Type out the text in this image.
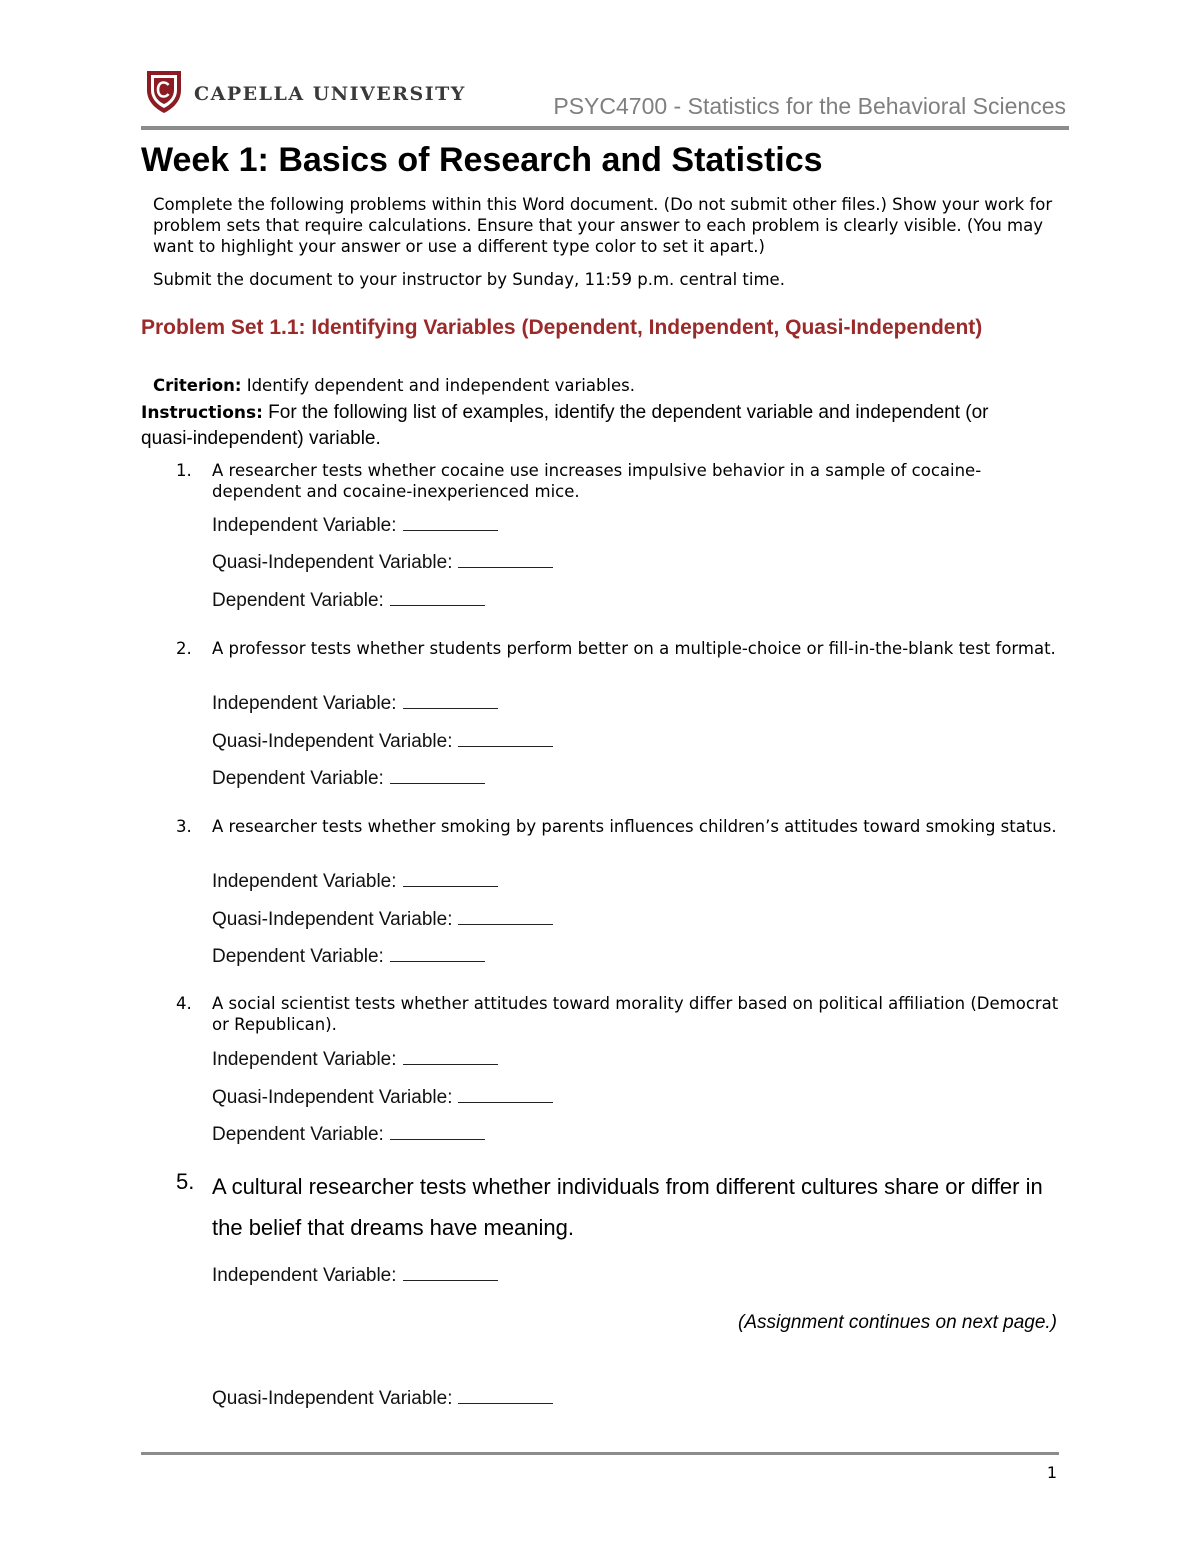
CAPELLA UNIVERSITY	PSYC4700 - Statistics for the Behavioral Sciences
Week 1: Basics of Research and Statistics
Complete the following problems within this Word document. (Do not submit other files.) Show your work for problem sets that require calculations. Ensure that your answer to each problem is clearly visible. (You may want to highlight your answer or use a different type color to set it apart.)
Submit the document to your instructor by Sunday, 11:59 p.m. central time.
Problem Set 1.1: Identifying Variables (Dependent, Independent, Quasi-Independent)
Criterion: Identify dependent and independent variables.
Instructions: For the following list of examples, identify the dependent variable and independent (or quasi-independent) variable.
1. A researcher tests whether cocaine use increases impulsive behavior in a sample of cocaine-dependent and cocaine-inexperienced mice.
Independent Variable:
Quasi-Independent Variable:
Dependent Variable:
2. A professor tests whether students perform better on a multiple-choice or fill-in-the-blank test format.
Independent Variable:
Quasi-Independent Variable:
Dependent Variable:
3. A researcher tests whether smoking by parents influences children’s attitudes toward smoking status.
Independent Variable:
Quasi-Independent Variable:
Dependent Variable:
4. A social scientist tests whether attitudes toward morality differ based on political affiliation (Democrat or Republican).
Independent Variable:
Quasi-Independent Variable:
Dependent Variable:
5. A cultural researcher tests whether individuals from different cultures share or differ in the belief that dreams have meaning.
Independent Variable:
(Assignment continues on next page.)
Quasi-Independent Variable:
1
